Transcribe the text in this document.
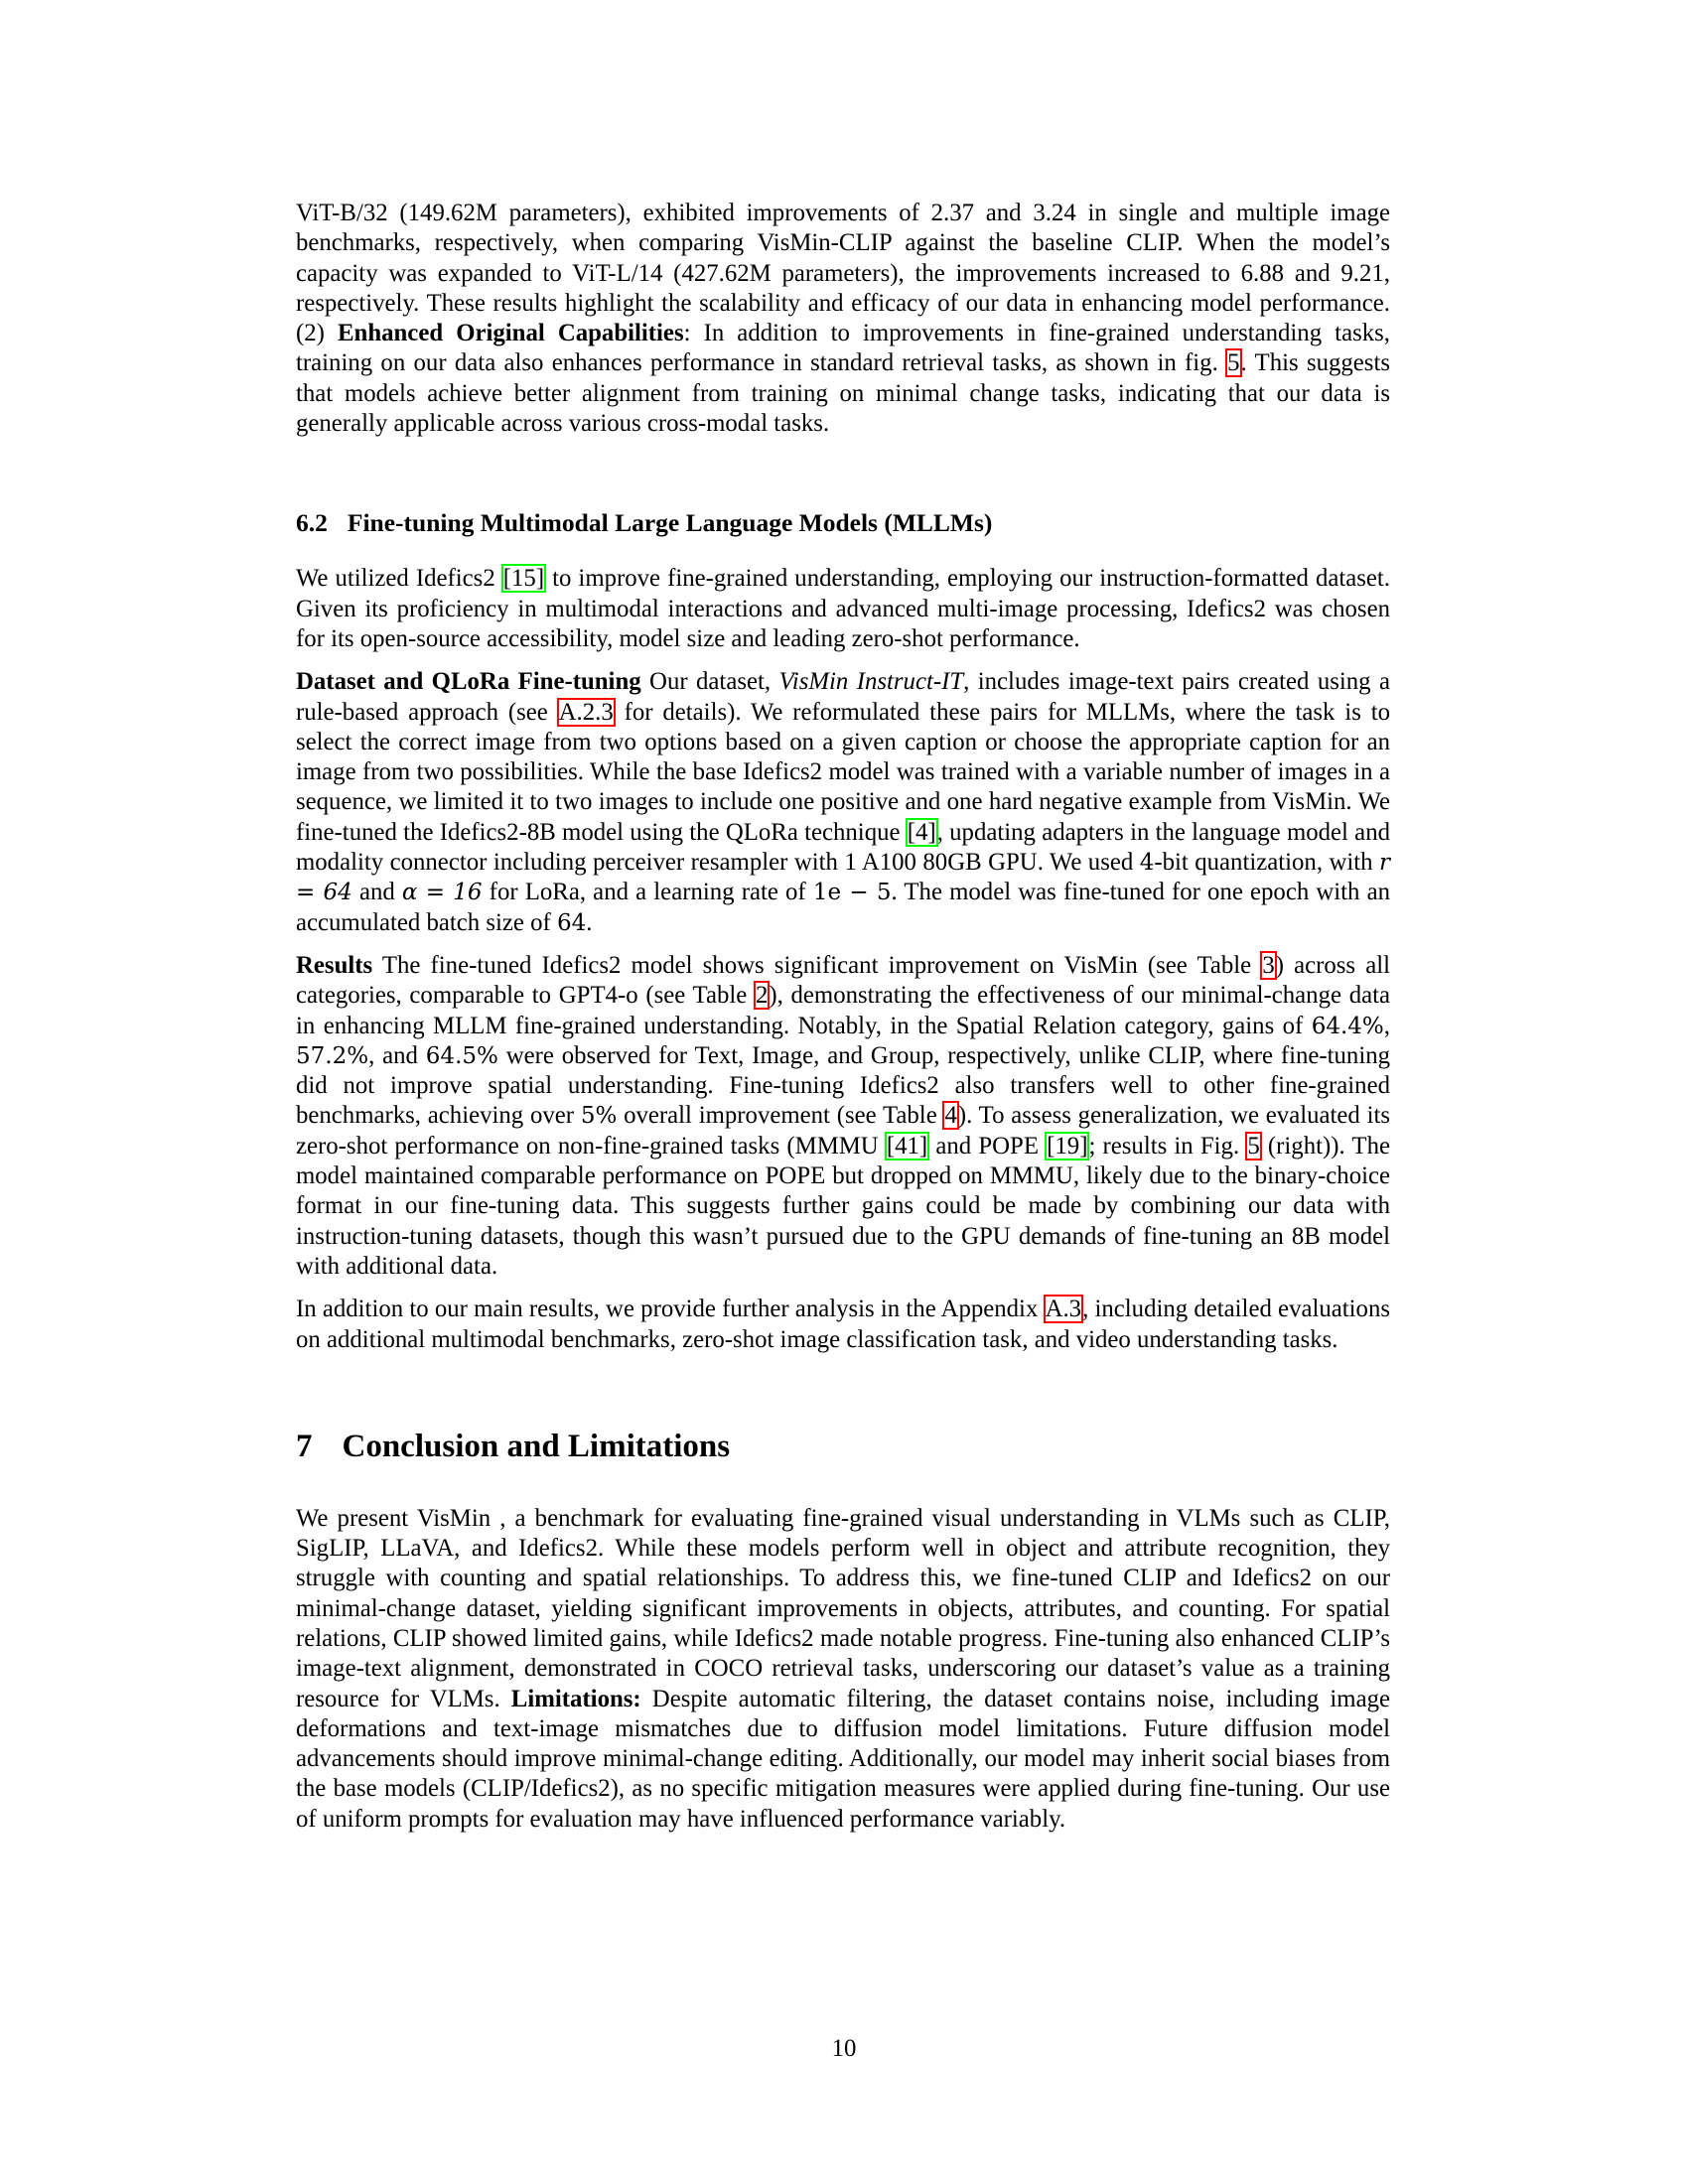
ViT-B/32 (149.62M parameters), exhibited improvements of 2.37 and 3.24 in single and multiple image benchmarks, respectively, when comparing VisMin-CLIP against the baseline CLIP. When the model’s capacity was expanded to ViT-L/14 (427.62M parameters), the improvements increased to 6.88 and 9.21, respectively. These results highlight the scalability and efficacy of our data in enhancing model performance. (2) Enhanced Original Capabilities: In addition to improvements in fine-grained understanding tasks, training on our data also enhances performance in standard retrieval tasks, as shown in fig. 5. This suggests that models achieve better alignment from training on minimal change tasks, indicating that our data is generally applicable across various cross-modal tasks.

6.2 Fine-tuning Multimodal Large Language Models (MLLMs)

We utilized Idefics2 [15] to improve fine-grained understanding, employing our instruction-formatted dataset. Given its proficiency in multimodal interactions and advanced multi-image processing, Idefics2 was chosen for its open-source accessibility, model size and leading zero-shot performance.

Dataset and QLoRa Fine-tuning Our dataset, VisMin Instruct-IT, includes image-text pairs created using a rule-based approach (see A.2.3 for details). We reformulated these pairs for MLLMs, where the task is to select the correct image from two options based on a given caption or choose the appropriate caption for an image from two possibilities. While the base Idefics2 model was trained with a variable number of images in a sequence, we limited it to two images to include one positive and one hard negative example from VisMin. We fine-tuned the Idefics2-8B model using the QLoRa technique [4], updating adapters in the language model and modality connector including perceiver resampler with 1 A100 80GB GPU. We used 4-bit quantization, with r = 64 and α = 16 for LoRa, and a learning rate of 1e − 5. The model was fine-tuned for one epoch with an accumulated batch size of 64.

Results The fine-tuned Idefics2 model shows significant improvement on VisMin (see Table 3) across all categories, comparable to GPT4-o (see Table 2), demonstrating the effectiveness of our minimal-change data in enhancing MLLM fine-grained understanding. Notably, in the Spatial Relation category, gains of 64.4%, 57.2%, and 64.5% were observed for Text, Image, and Group, respectively, unlike CLIP, where fine-tuning did not improve spatial understanding. Fine-tuning Idefics2 also transfers well to other fine-grained benchmarks, achieving over 5% overall improvement (see Table 4). To assess generalization, we evaluated its zero-shot performance on non-fine-grained tasks (MMMU [41] and POPE [19]; results in Fig. 5 (right)). The model maintained comparable performance on POPE but dropped on MMMU, likely due to the binary-choice format in our fine-tuning data. This suggests further gains could be made by combining our data with instruction-tuning datasets, though this wasn’t pursued due to the GPU demands of fine-tuning an 8B model with additional data.

In addition to our main results, we provide further analysis in the Appendix A.3, including detailed evaluations on additional multimodal benchmarks, zero-shot image classification task, and video understanding tasks.

7 Conclusion and Limitations

We present VisMin , a benchmark for evaluating fine-grained visual understanding in VLMs such as CLIP, SigLIP, LLaVA, and Idefics2. While these models perform well in object and attribute recognition, they struggle with counting and spatial relationships. To address this, we fine-tuned CLIP and Idefics2 on our minimal-change dataset, yielding significant improvements in objects, attributes, and counting. For spatial relations, CLIP showed limited gains, while Idefics2 made notable progress. Fine-tuning also enhanced CLIP’s image-text alignment, demonstrated in COCO retrieval tasks, underscoring our dataset’s value as a training resource for VLMs. Limitations: Despite automatic filtering, the dataset contains noise, including image deformations and text-image mismatches due to diffusion model limitations. Future diffusion model advancements should improve minimal-change editing. Additionally, our model may inherit social biases from the base models (CLIP/Idefics2), as no specific mitigation measures were applied during fine-tuning. Our use of uniform prompts for evaluation may have influenced performance variably.

10
